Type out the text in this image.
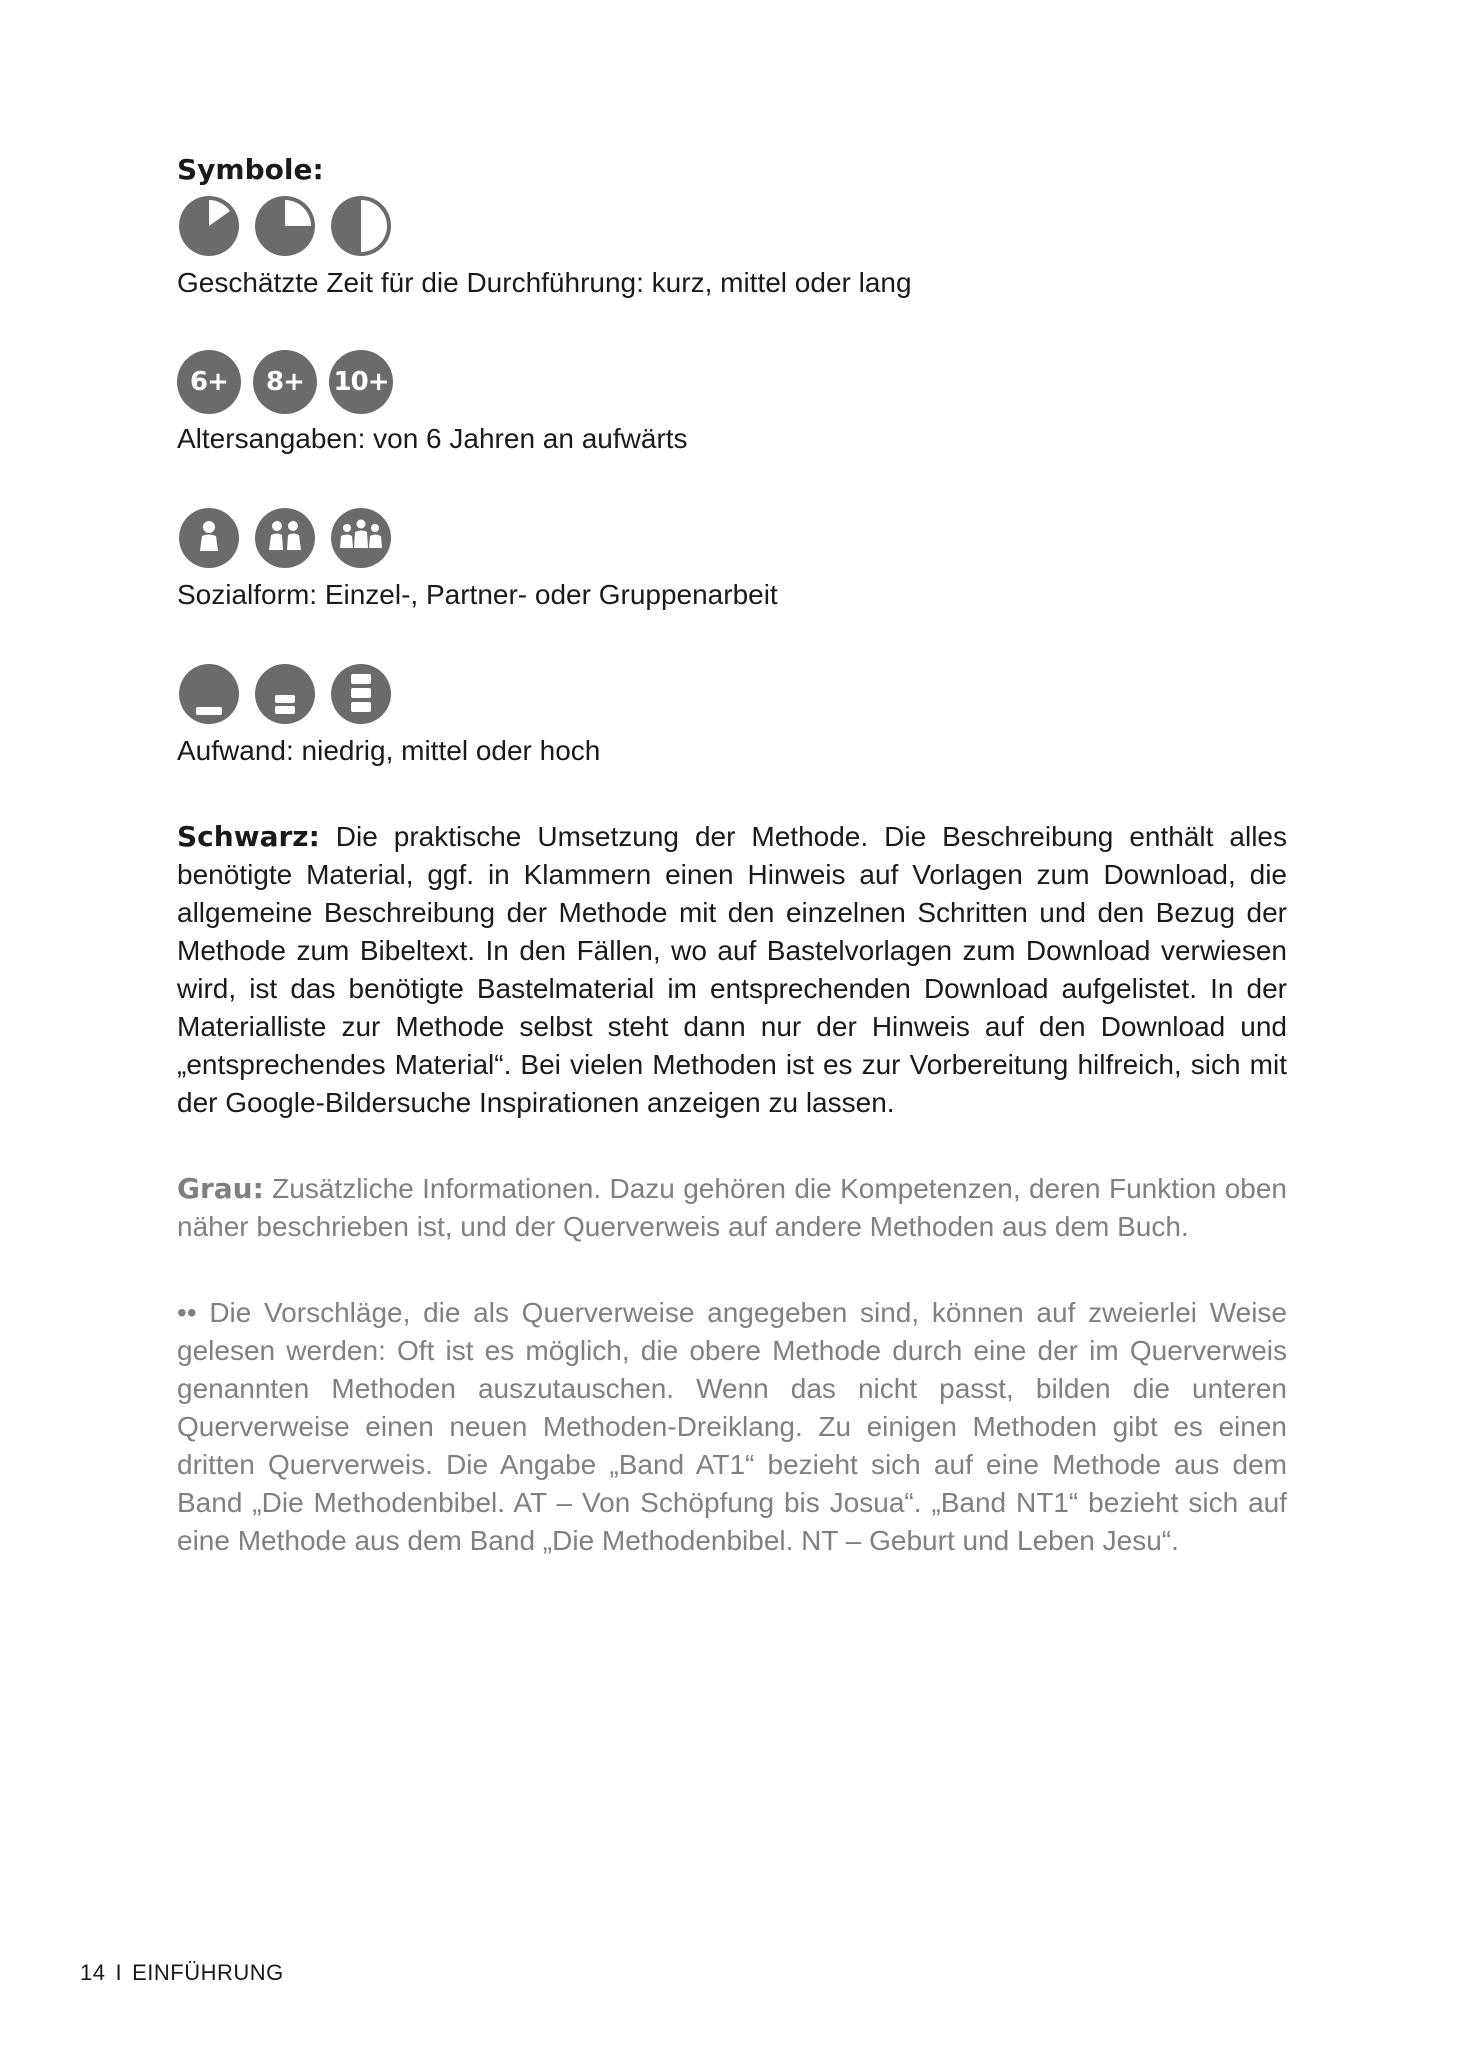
Symbole:

Geschätzte Zeit für die Durchführung: kurz, mittel oder lang

6+	8+	10+

Altersangaben: von 6 Jahren an aufwärts

Sozialform: Einzel-, Partner- oder Gruppenarbeit

Aufwand: niedrig, mittel oder hoch

Schwarz: Die praktische Umsetzung der Methode. Die Beschreibung enthält alles benötigte Material, ggf. in Klammern einen Hinweis auf Vorlagen zum Download, die allgemeine Beschreibung der Methode mit den einzelnen Schritten und den Bezug der Methode zum Bibeltext. In den Fällen, wo auf Bastelvorlagen zum Download verwiesen wird, ist das benötigte Bastelmaterial im entsprechenden Download aufgelistet. In der Materialliste zur Methode selbst steht dann nur der Hinweis auf den Download und „entsprechendes Material“. Bei vielen Methoden ist es zur Vorbereitung hilfreich, sich mit der Google-Bildersuche Inspirationen anzeigen zu lassen.

Grau: Zusätzliche Informationen. Dazu gehören die Kompetenzen, deren Funktion oben näher beschrieben ist, und der Querverweis auf andere Methoden aus dem Buch.

•• Die Vorschläge, die als Querverweise angegeben sind, können auf zweierlei Weise gelesen werden: Oft ist es möglich, die obere Methode durch eine der im Querverweis genannten Methoden auszutauschen. Wenn das nicht passt, bilden die unteren Querverweise einen neuen Methoden-Dreiklang. Zu einigen Methoden gibt es einen dritten Querverweis. Die Angabe „Band AT1“ bezieht sich auf eine Methode aus dem Band „Die Methodenbibel. AT – Von Schöpfung bis Josua“. „Band NT1“ bezieht sich auf eine Methode aus dem Band „Die Methodenbibel. NT – Geburt und Leben Jesu“.

14 I EINFÜHRUNG
